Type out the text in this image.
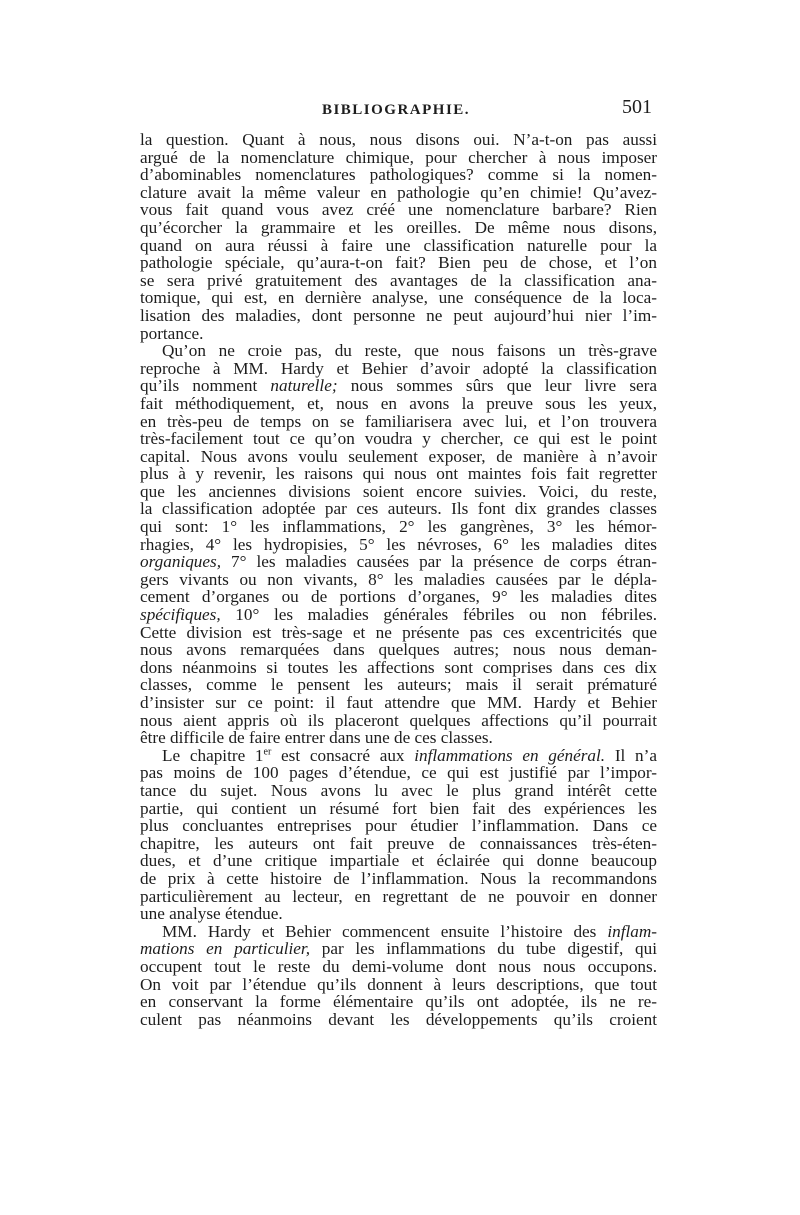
BIBLIOGRAPHIE.	501
la question. Quant à nous, nous disons oui. N’a-t-on pas aussi
argué de la nomenclature chimique, pour chercher à nous imposer
d’abominables nomenclatures pathologiques? comme si la nomen-
clature avait la même valeur en pathologie qu’en chimie! Qu’avez-
vous fait quand vous avez créé une nomenclature barbare? Rien
qu’écorcher la grammaire et les oreilles. De même nous disons,
quand on aura réussi à faire une classification naturelle pour la
pathologie spéciale, qu’aura-t-on fait? Bien peu de chose, et l’on
se sera privé gratuitement des avantages de la classification ana-
tomique, qui est, en dernière analyse, une conséquence de la loca-
lisation des maladies, dont personne ne peut aujourd’hui nier l’im-
portance.
Qu’on ne croie pas, du reste, que nous faisons un très-grave
reproche à MM. Hardy et Behier d’avoir adopté la classification
qu’ils nomment naturelle; nous sommes sûrs que leur livre sera
fait méthodiquement, et, nous en avons la preuve sous les yeux,
en très-peu de temps on se familiarisera avec lui, et l’on trouvera
très-facilement tout ce qu’on voudra y chercher, ce qui est le point
capital. Nous avons voulu seulement exposer, de manière à n’avoir
plus à y revenir, les raisons qui nous ont maintes fois fait regretter
que les anciennes divisions soient encore suivies. Voici, du reste,
la classification adoptée par ces auteurs. Ils font dix grandes classes
qui sont: 1° les inflammations, 2° les gangrènes, 3° les hémor-
rhagies, 4° les hydropisies, 5° les névroses, 6° les maladies dites
organiques, 7° les maladies causées par la présence de corps étran-
gers vivants ou non vivants, 8° les maladies causées par le dépla-
cement d’organes ou de portions d’organes, 9° les maladies dites
spécifiques, 10° les maladies générales fébriles ou non fébriles.
Cette division est très-sage et ne présente pas ces excentricités que
nous avons remarquées dans quelques autres; nous nous deman-
dons néanmoins si toutes les affections sont comprises dans ces dix
classes, comme le pensent les auteurs; mais il serait prématuré
d’insister sur ce point: il faut attendre que MM. Hardy et Behier
nous aient appris où ils placeront quelques affections qu’il pourrait
être difficile de faire entrer dans une de ces classes.
Le chapitre 1er est consacré aux inflammations en général. Il n’a
pas moins de 100 pages d’étendue, ce qui est justifié par l’impor-
tance du sujet. Nous avons lu avec le plus grand intérêt cette
partie, qui contient un résumé fort bien fait des expériences les
plus concluantes entreprises pour étudier l’inflammation. Dans ce
chapitre, les auteurs ont fait preuve de connaissances très-éten-
dues, et d’une critique impartiale et éclairée qui donne beaucoup
de prix à cette histoire de l’inflammation. Nous la recommandons
particulièrement au lecteur, en regrettant de ne pouvoir en donner
une analyse étendue.
MM. Hardy et Behier commencent ensuite l’histoire des inflam-
mations en particulier, par les inflammations du tube digestif, qui
occupent tout le reste du demi-volume dont nous nous occupons.
On voit par l’étendue qu’ils donnent à leurs descriptions, que tout
en conservant la forme élémentaire qu’ils ont adoptée, ils ne re-
culent pas néanmoins devant les développements qu’ils croient
